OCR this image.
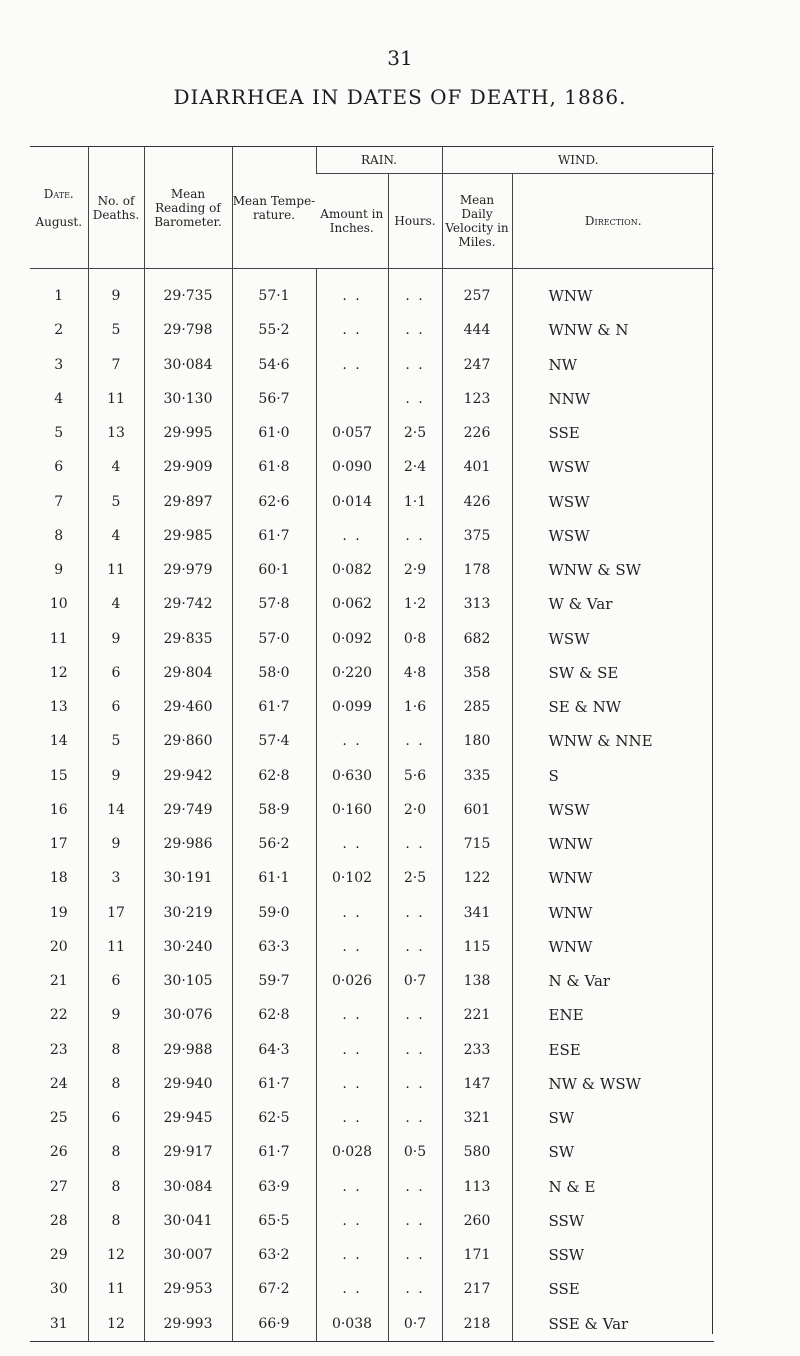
31
DIARRHŒA IN DATES OF DEATH, 1886.
Date.

August.	No. of Deaths.	Mean Reading of Barometer.	Mean Tempe-rature.	RAIN.		WIND.	
				Amount in Inches.	Hours.	Mean Daily Velocity in Miles.	Direction.
1	9	29·735	57·1	. .	. .	257	WNW
2	5	29·798	55·2	. .	. .	444	WNW & N
3	7	30·084	54·6	. .	. .	247	NW
4	11	30·130	56·7		. .	123	NNW
5	13	29·995	61·0	0·057	2·5	226	SSE
6	4	29·909	61·8	0·090	2·4	401	WSW
7	5	29·897	62·6	0·014	1·1	426	WSW
8	4	29·985	61·7	. .	. .	375	WSW
9	11	29·979	60·1	0·082	2·9	178	WNW & SW
10	4	29·742	57·8	0·062	1·2	313	W & Var
11	9	29·835	57·0	0·092	0·8	682	WSW
12	6	29·804	58·0	0·220	4·8	358	SW & SE
13	6	29·460	61·7	0·099	1·6	285	SE & NW
14	5	29·860	57·4	. .	. .	180	WNW & NNE
15	9	29·942	62·8	0·630	5·6	335	S
16	14	29·749	58·9	0·160	2·0	601	WSW
17	9	29·986	56·2	. .	. .	715	WNW
18	3	30·191	61·1	0·102	2·5	122	WNW
19	17	30·219	59·0	. .	. .	341	WNW
20	11	30·240	63·3	. .	. .	115	WNW
21	6	30·105	59·7	0·026	0·7	138	N & Var
22	9	30·076	62·8	. .	. .	221	ENE
23	8	29·988	64·3	. .	. .	233	ESE
24	8	29·940	61·7	. .	. .	147	NW & WSW
25	6	29·945	62·5	. .	. .	321	SW
26	8	29·917	61·7	0·028	0·5	580	SW
27	8	30·084	63·9	. .	. .	113	N & E
28	8	30·041	65·5	. .	. .	260	SSW
29	12	30·007	63·2	. .	. .	171	SSW
30	11	29·953	67·2	. .	. .	217	SSE
31	12	29·993	66·9	0·038	0·7	218	SSE & Var
